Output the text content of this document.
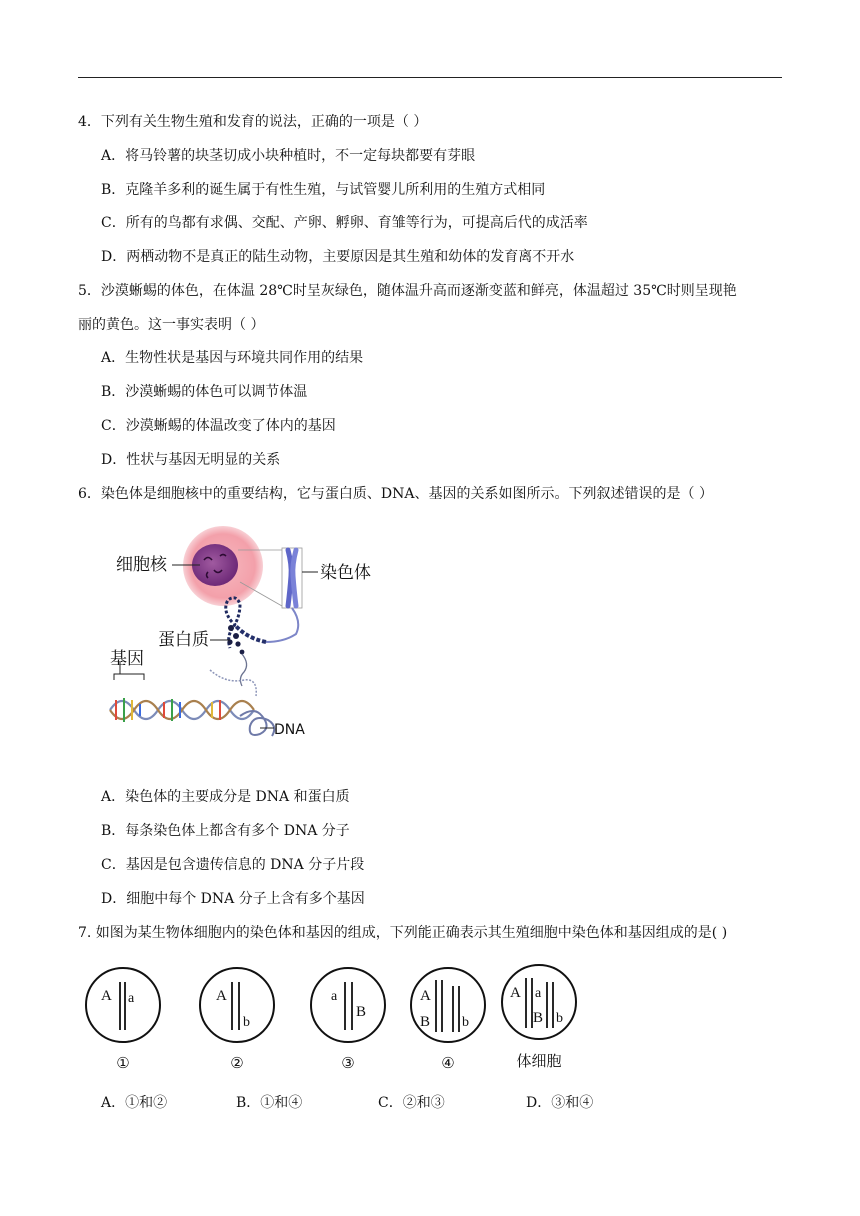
4．下列有关生物生殖和发育的说法，正确的一项是（ ）
A．将马铃薯的块茎切成小块种植时，不一定每块都要有芽眼
B．克隆羊多利的诞生属于有性生殖，与试管婴儿所利用的生殖方式相同
C．所有的鸟都有求偶、交配、产卵、孵卵、育雏等行为，可提高后代的成活率
D．两栖动物不是真正的陆生动物，主要原因是其生殖和幼体的发育离不开水
5．沙漠蜥蜴的体色，在体温 28℃时呈灰绿色，随体温升高而逐渐变蓝和鲜亮，体温超过 35℃时则呈现艳
丽的黄色。这一事实表明（ ）
A．生物性状是基因与环境共同作用的结果
B．沙漠蜥蜴的体色可以调节体温
C．沙漠蜥蜴的体温改变了体内的基因
D．性状与基因无明显的关系
6．染色体是细胞核中的重要结构，它与蛋白质、DNA、基因的关系如图所示。下列叙述错误的是（ ）
细胞核	染色体
蛋白质
基因
DNA
A．染色体的主要成分是 DNA 和蛋白质
B．每条染色体上都含有多个 DNA 分子
C．基因是包含遗传信息的 DNA 分子片段
D．细胞中每个 DNA 分子上含有多个基因
7. 如图为某生物体细胞内的染色体和基因的组成，下列能正确表示其生殖细胞中染色体和基因组成的是( )
A a
①
A
b
②
a
B
③
A
B b
④
A a
B b
体细胞
A．①和②	B．①和④	C．②和③	D．③和④
